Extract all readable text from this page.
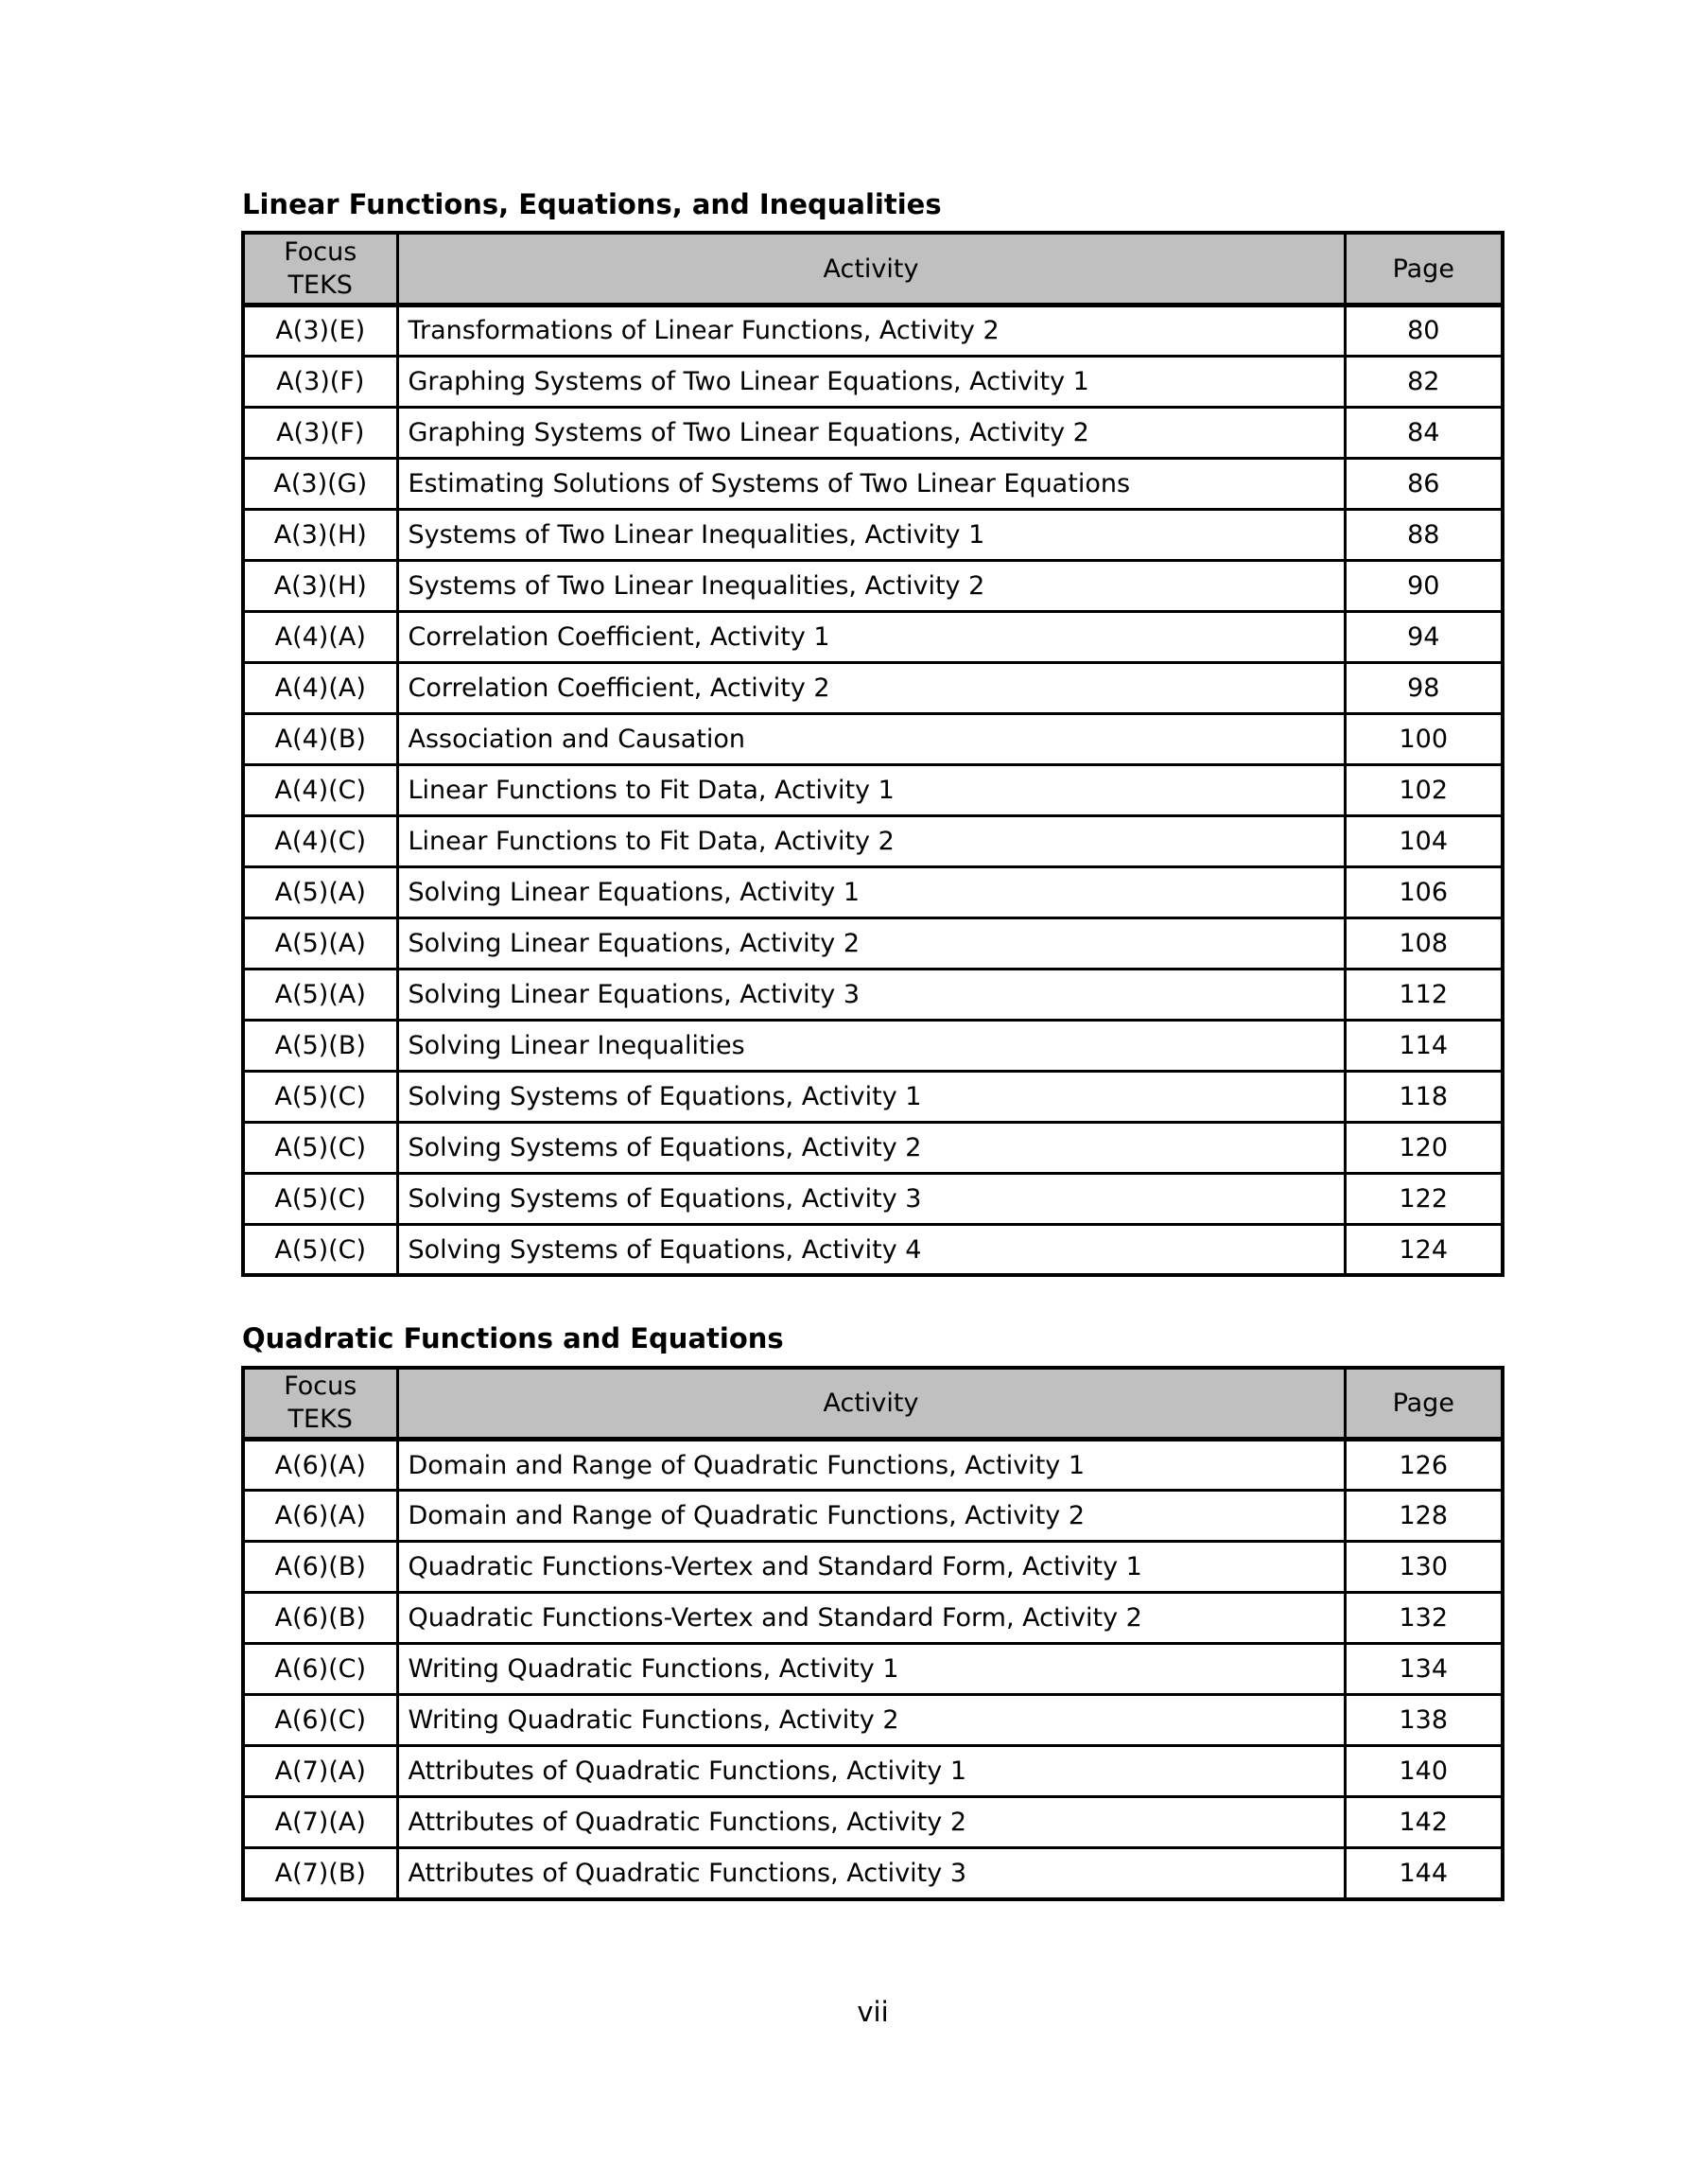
Linear Functions, Equations, and Inequalities
Focus TEKS	Activity	Page
A(3)(E)	Transformations of Linear Functions, Activity 2	80
A(3)(F)	Graphing Systems of Two Linear Equations, Activity 1	82
A(3)(F)	Graphing Systems of Two Linear Equations, Activity 2	84
A(3)(G)	Estimating Solutions of Systems of Two Linear Equations	86
A(3)(H)	Systems of Two Linear Inequalities, Activity 1	88
A(3)(H)	Systems of Two Linear Inequalities, Activity 2	90
A(4)(A)	Correlation Coefficient, Activity 1	94
A(4)(A)	Correlation Coefficient, Activity 2	98
A(4)(B)	Association and Causation	100
A(4)(C)	Linear Functions to Fit Data, Activity 1	102
A(4)(C)	Linear Functions to Fit Data, Activity 2	104
A(5)(A)	Solving Linear Equations, Activity 1	106
A(5)(A)	Solving Linear Equations, Activity 2	108
A(5)(A)	Solving Linear Equations, Activity 3	112
A(5)(B)	Solving Linear Inequalities	114
A(5)(C)	Solving Systems of Equations, Activity 1	118
A(5)(C)	Solving Systems of Equations, Activity 2	120
A(5)(C)	Solving Systems of Equations, Activity 3	122
A(5)(C)	Solving Systems of Equations, Activity 4	124
Quadratic Functions and Equations
Focus TEKS	Activity	Page
A(6)(A)	Domain and Range of Quadratic Functions, Activity 1	126
A(6)(A)	Domain and Range of Quadratic Functions, Activity 2	128
A(6)(B)	Quadratic Functions-Vertex and Standard Form, Activity 1	130
A(6)(B)	Quadratic Functions-Vertex and Standard Form, Activity 2	132
A(6)(C)	Writing Quadratic Functions, Activity 1	134
A(6)(C)	Writing Quadratic Functions, Activity 2	138
A(7)(A)	Attributes of Quadratic Functions, Activity 1	140
A(7)(A)	Attributes of Quadratic Functions, Activity 2	142
A(7)(B)	Attributes of Quadratic Functions, Activity 3	144
vii
